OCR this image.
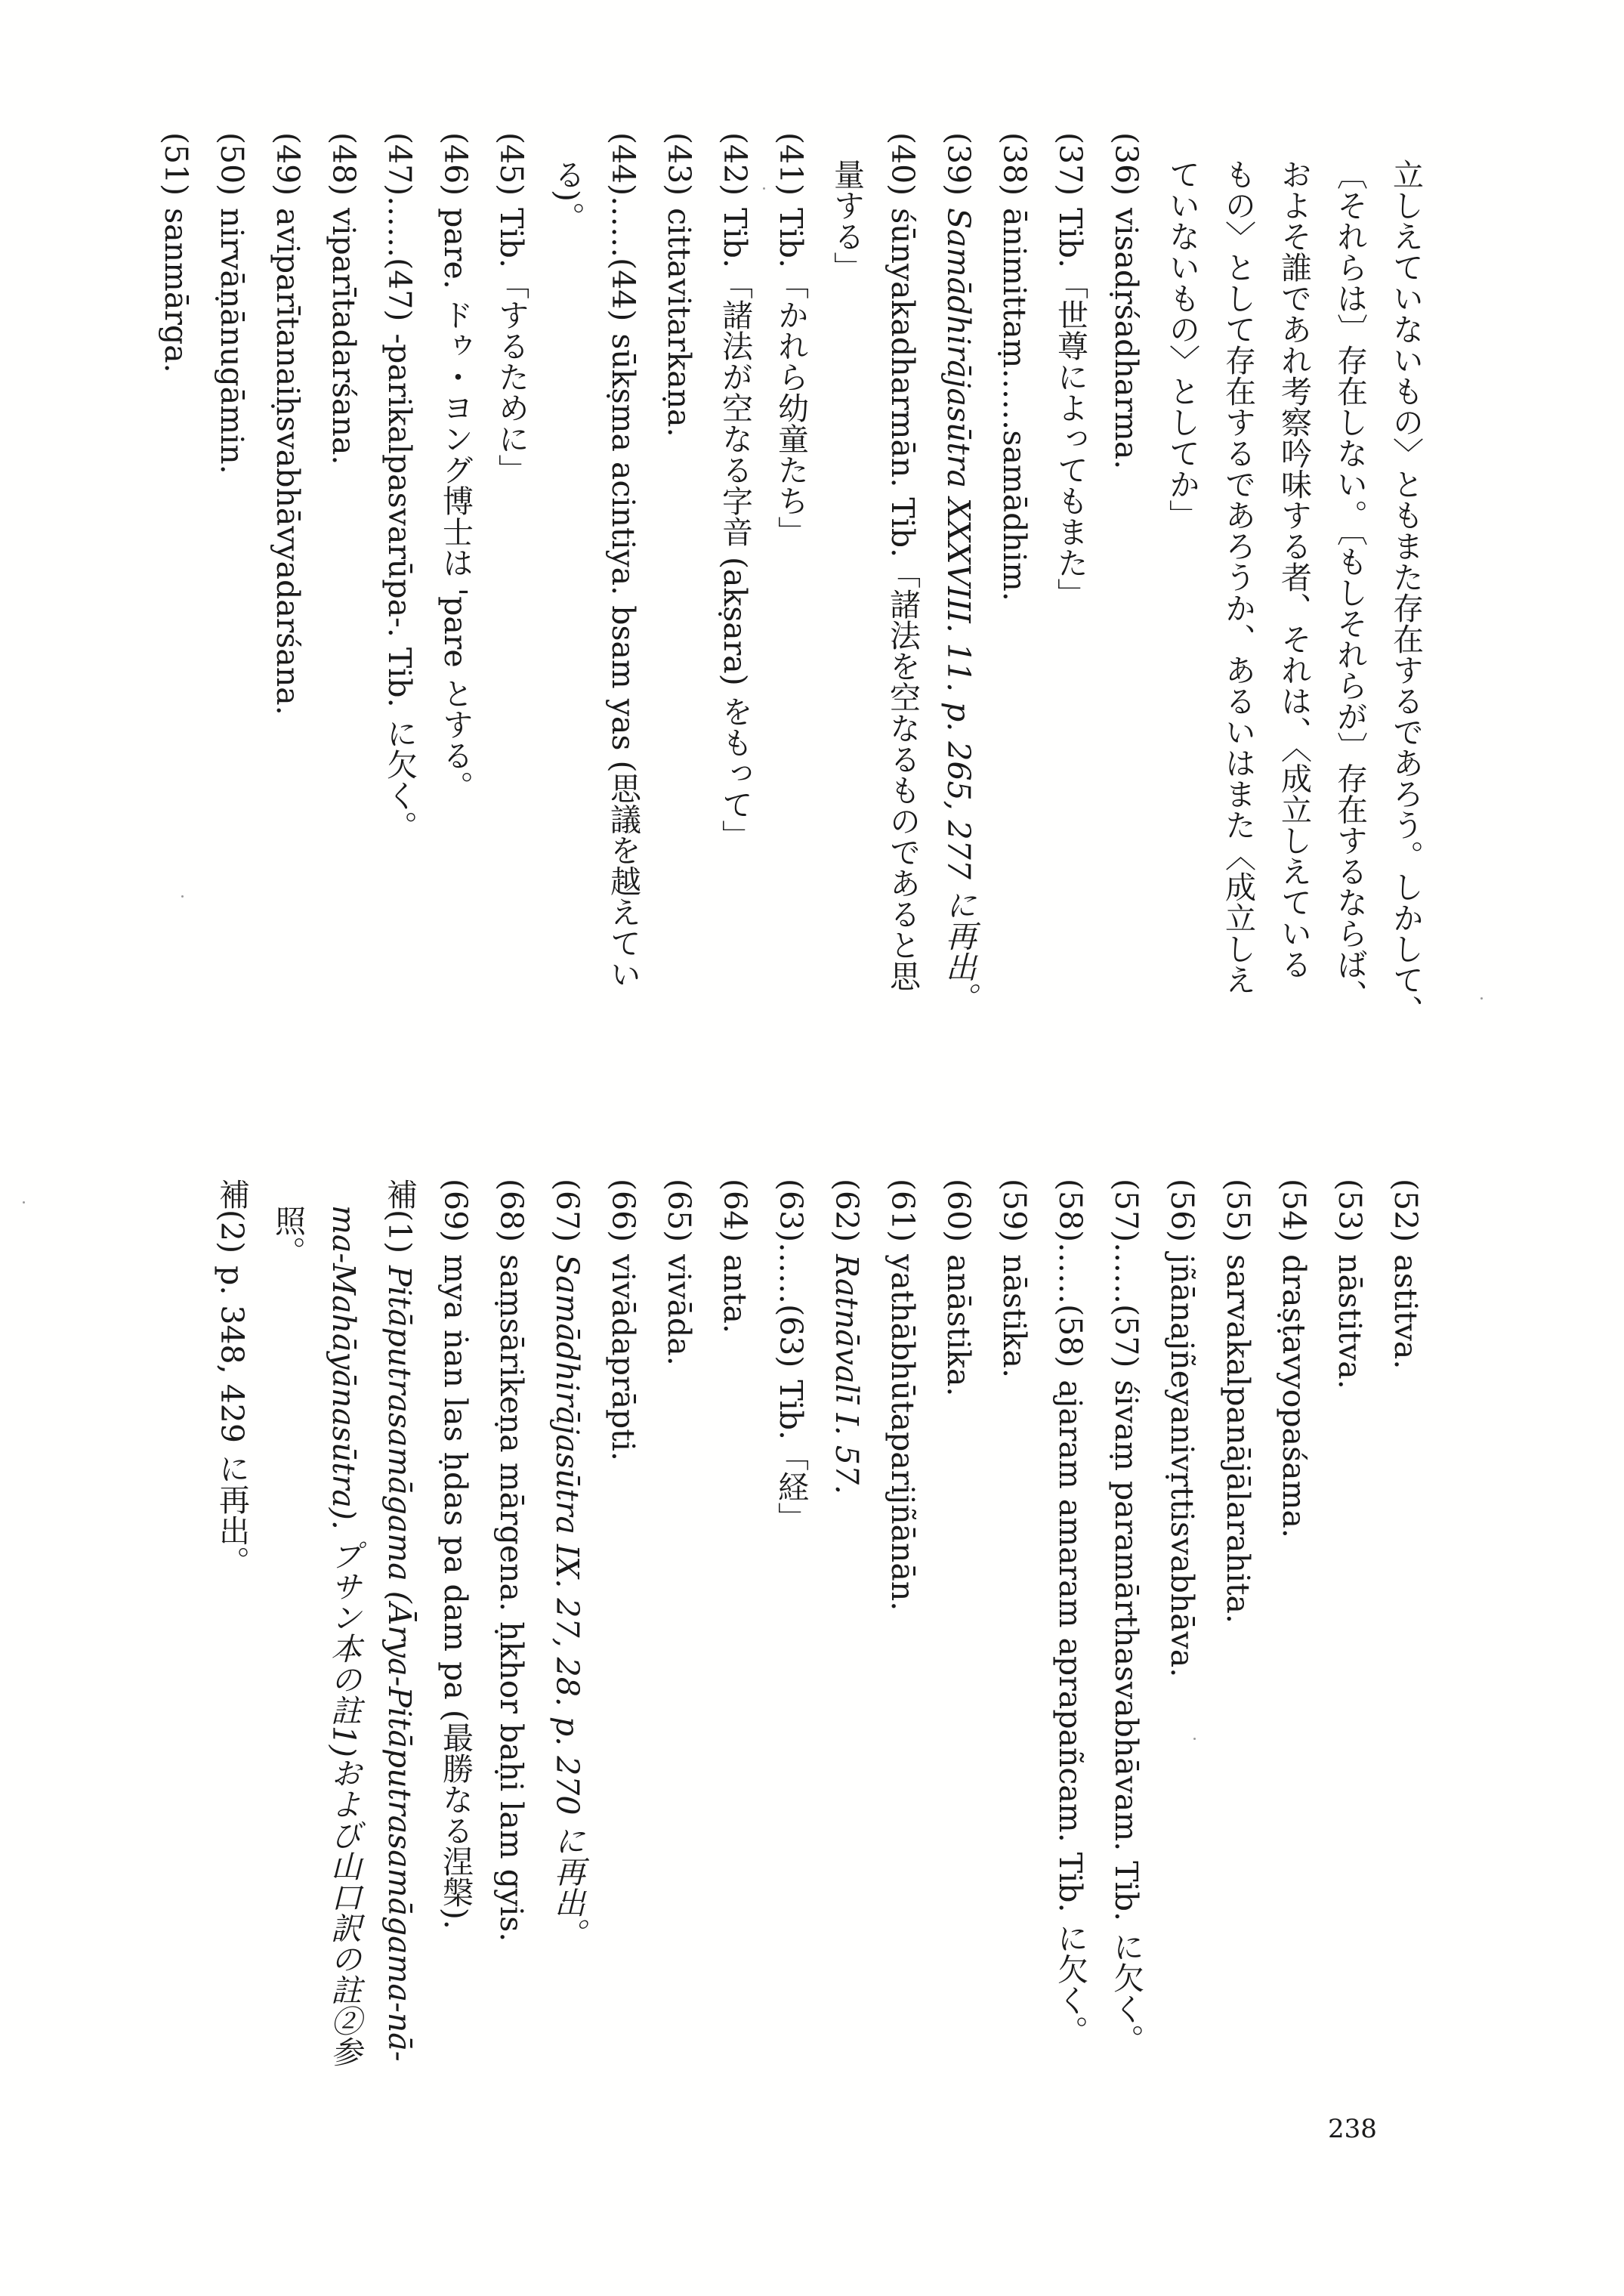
立しえていないもの〉ともまた存在するであろう。しかして、
〔それらは〕存在しない。〔もしそれらが〕存在するならば、
およそ誰であれ考察吟味する者、それは、〈成立しえている
もの〉として存在するであろうか、あるいはまた〈成立しえ
ていないもの〉としてか」
(36)visadṛśadharma.
(37)Tib.「世尊によってもまた」
(38)ānimittaṃ……samādhim.
(39)Samādhirājasūtra XXXVIII. 11. p. 265, 277 に再出。
(40)śūnyakadharmān. Tib.「諸法を空なるものであると思
量する」
(41)Tib.「かれら幼童たち」
(42)Tib.「諸法が空なる字音 (akṣara) をもって」
(43)cittavitarkaṇa.
(44)……(44)sūkṣma acintiya. bsam yas (思議を越えてい
る)。
(45)Tib.「するために」
(46)pare. ドゥ・ヨング博士は 'pare とする。
(47)……(47)-parikalpasvarūpa-. Tib. に欠く。
(48)viparītadarśana.
(49)aviparītanaiḥsvabhāvyadarśana.
(50)nirvāṇānugāmin.
(51)sanmārga.
(52)astitva.
(53)nāstitva.
(54)draṣṭavyopaśama.
(55)sarvakalpanājālarahita.
(56)jñānajñeyanivṛttisvabhāva.
(57)……(57)śivaṃ paramārthasvabhāvam. Tib. に欠く。
(58)……(58)ajaram amaram aprapañcam. Tib. に欠く。
(59)nāstika.
(60)anāstika.
(61)yathābhūtaparijñānān.
(62)Ratnāvalī I. 57.
(63)……(63)Tib.「経」
(64)anta.
(65)vivāda.
(66)vivādaprāpti.
(67)Samādhirājasūtra IX. 27, 28. p. 270 に再出。
(68)saṃsārikeṇa mārgena. ḥkhor baḥi lam gyis.
(69)mya ṅan las ḥdas pa dam pa (最勝なる涅槃).
補(1)Pitāputrasamāgama (Ārya-Pitāputrasamāgama-nā-
ma-Mahāyānasūtra). プサン本の註1)および山口訳の註②参
照。
補(2)p. 348, 429 に再出。
238
